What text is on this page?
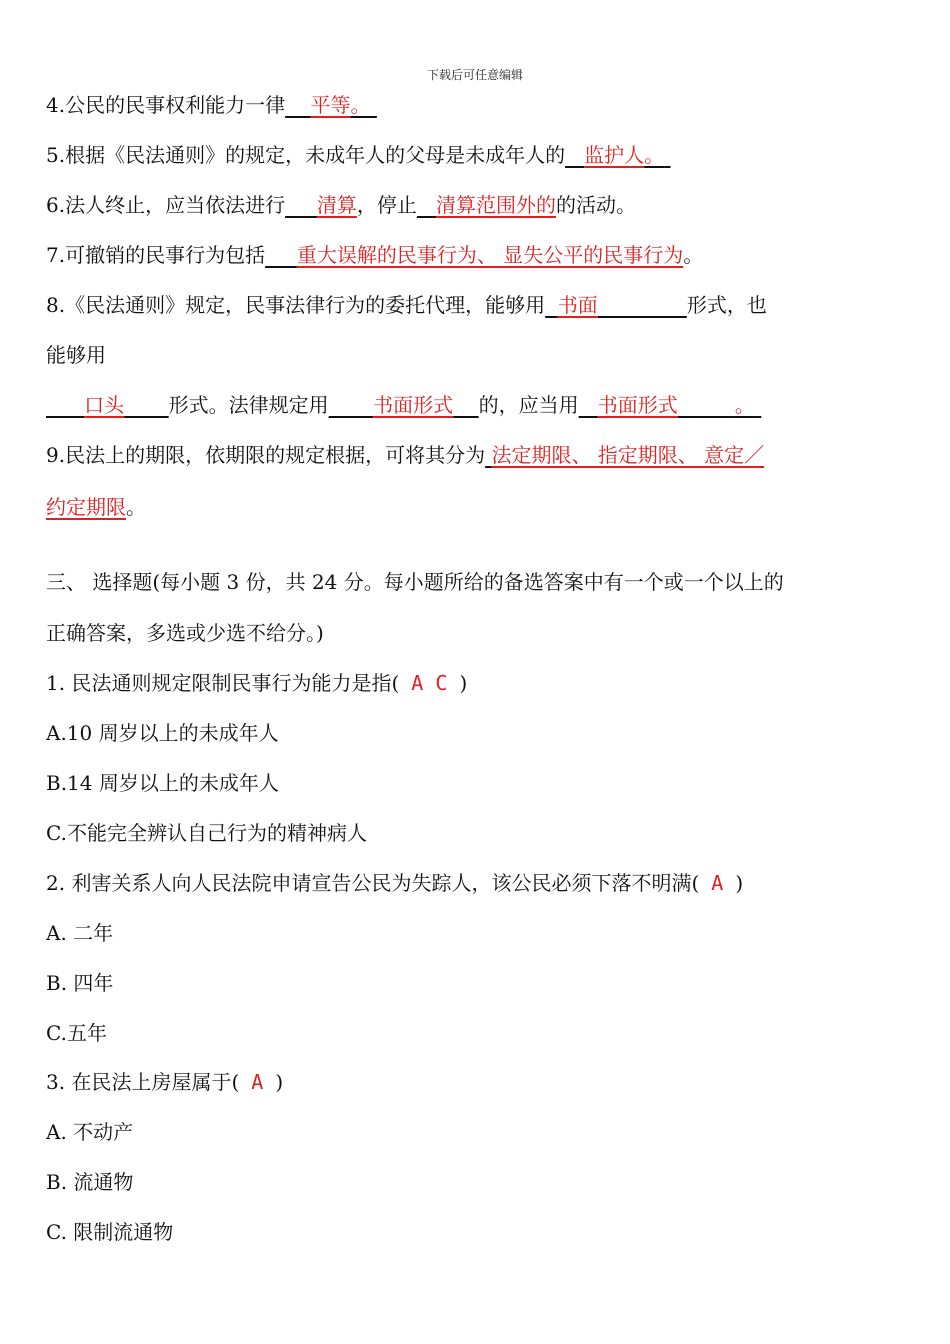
下载后可任意编辑
4.公民的民事权利能力一律 平等。
5.根据《民法通则》的规定，未成年人的父母是未成年人的 监护人。
6.法人终止，应当依法进行 清算，停止 清算范围外的的活动。
7.可撤销的民事行为包括 重大误解的民事行为、 显失公平的民事行为。
8.《民法通则》规定，民事法律行为的委托代理，能够用 书面	形式，也
能够用
口头 形式。法律规定用 书面形式 的，应当用 书面形式	。
9.民法上的期限，依期限的规定根据，可将其分为 法定期限、 指定期限、 意定／
约定期限。
三、 选择题(每小题 3 份，共 24 分。每小题所给的备选答案中有一个或一个以上的
正确答案，多选或少选不给分。)
1. 民法通则规定限制民事行为能力是指( A C )
A.10 周岁以上的未成年人
B.14 周岁以上的未成年人
C.不能完全辨认自己行为的精神病人
2. 利害关系人向人民法院申请宣告公民为失踪人，该公民必须下落不明满( A )
A. 二年
B. 四年
C.五年
3. 在民法上房屋属于( A )
A. 不动产
B. 流通物
C. 限制流通物
